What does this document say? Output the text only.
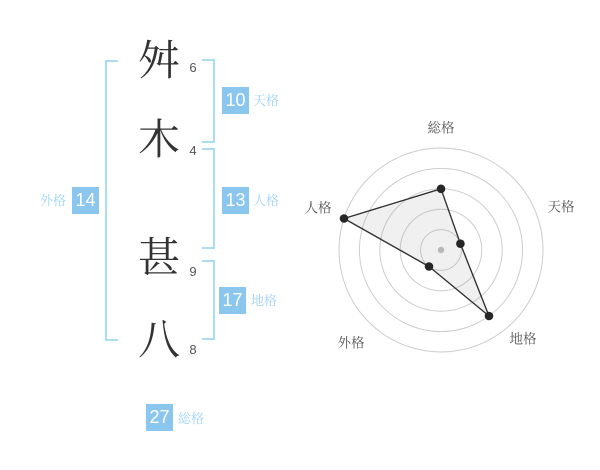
舛
木
甚
八
6
4
9
8
10 天格
13 人格
14
外格
17 地格
27 総格
総格
天格
地格
外格
人格
